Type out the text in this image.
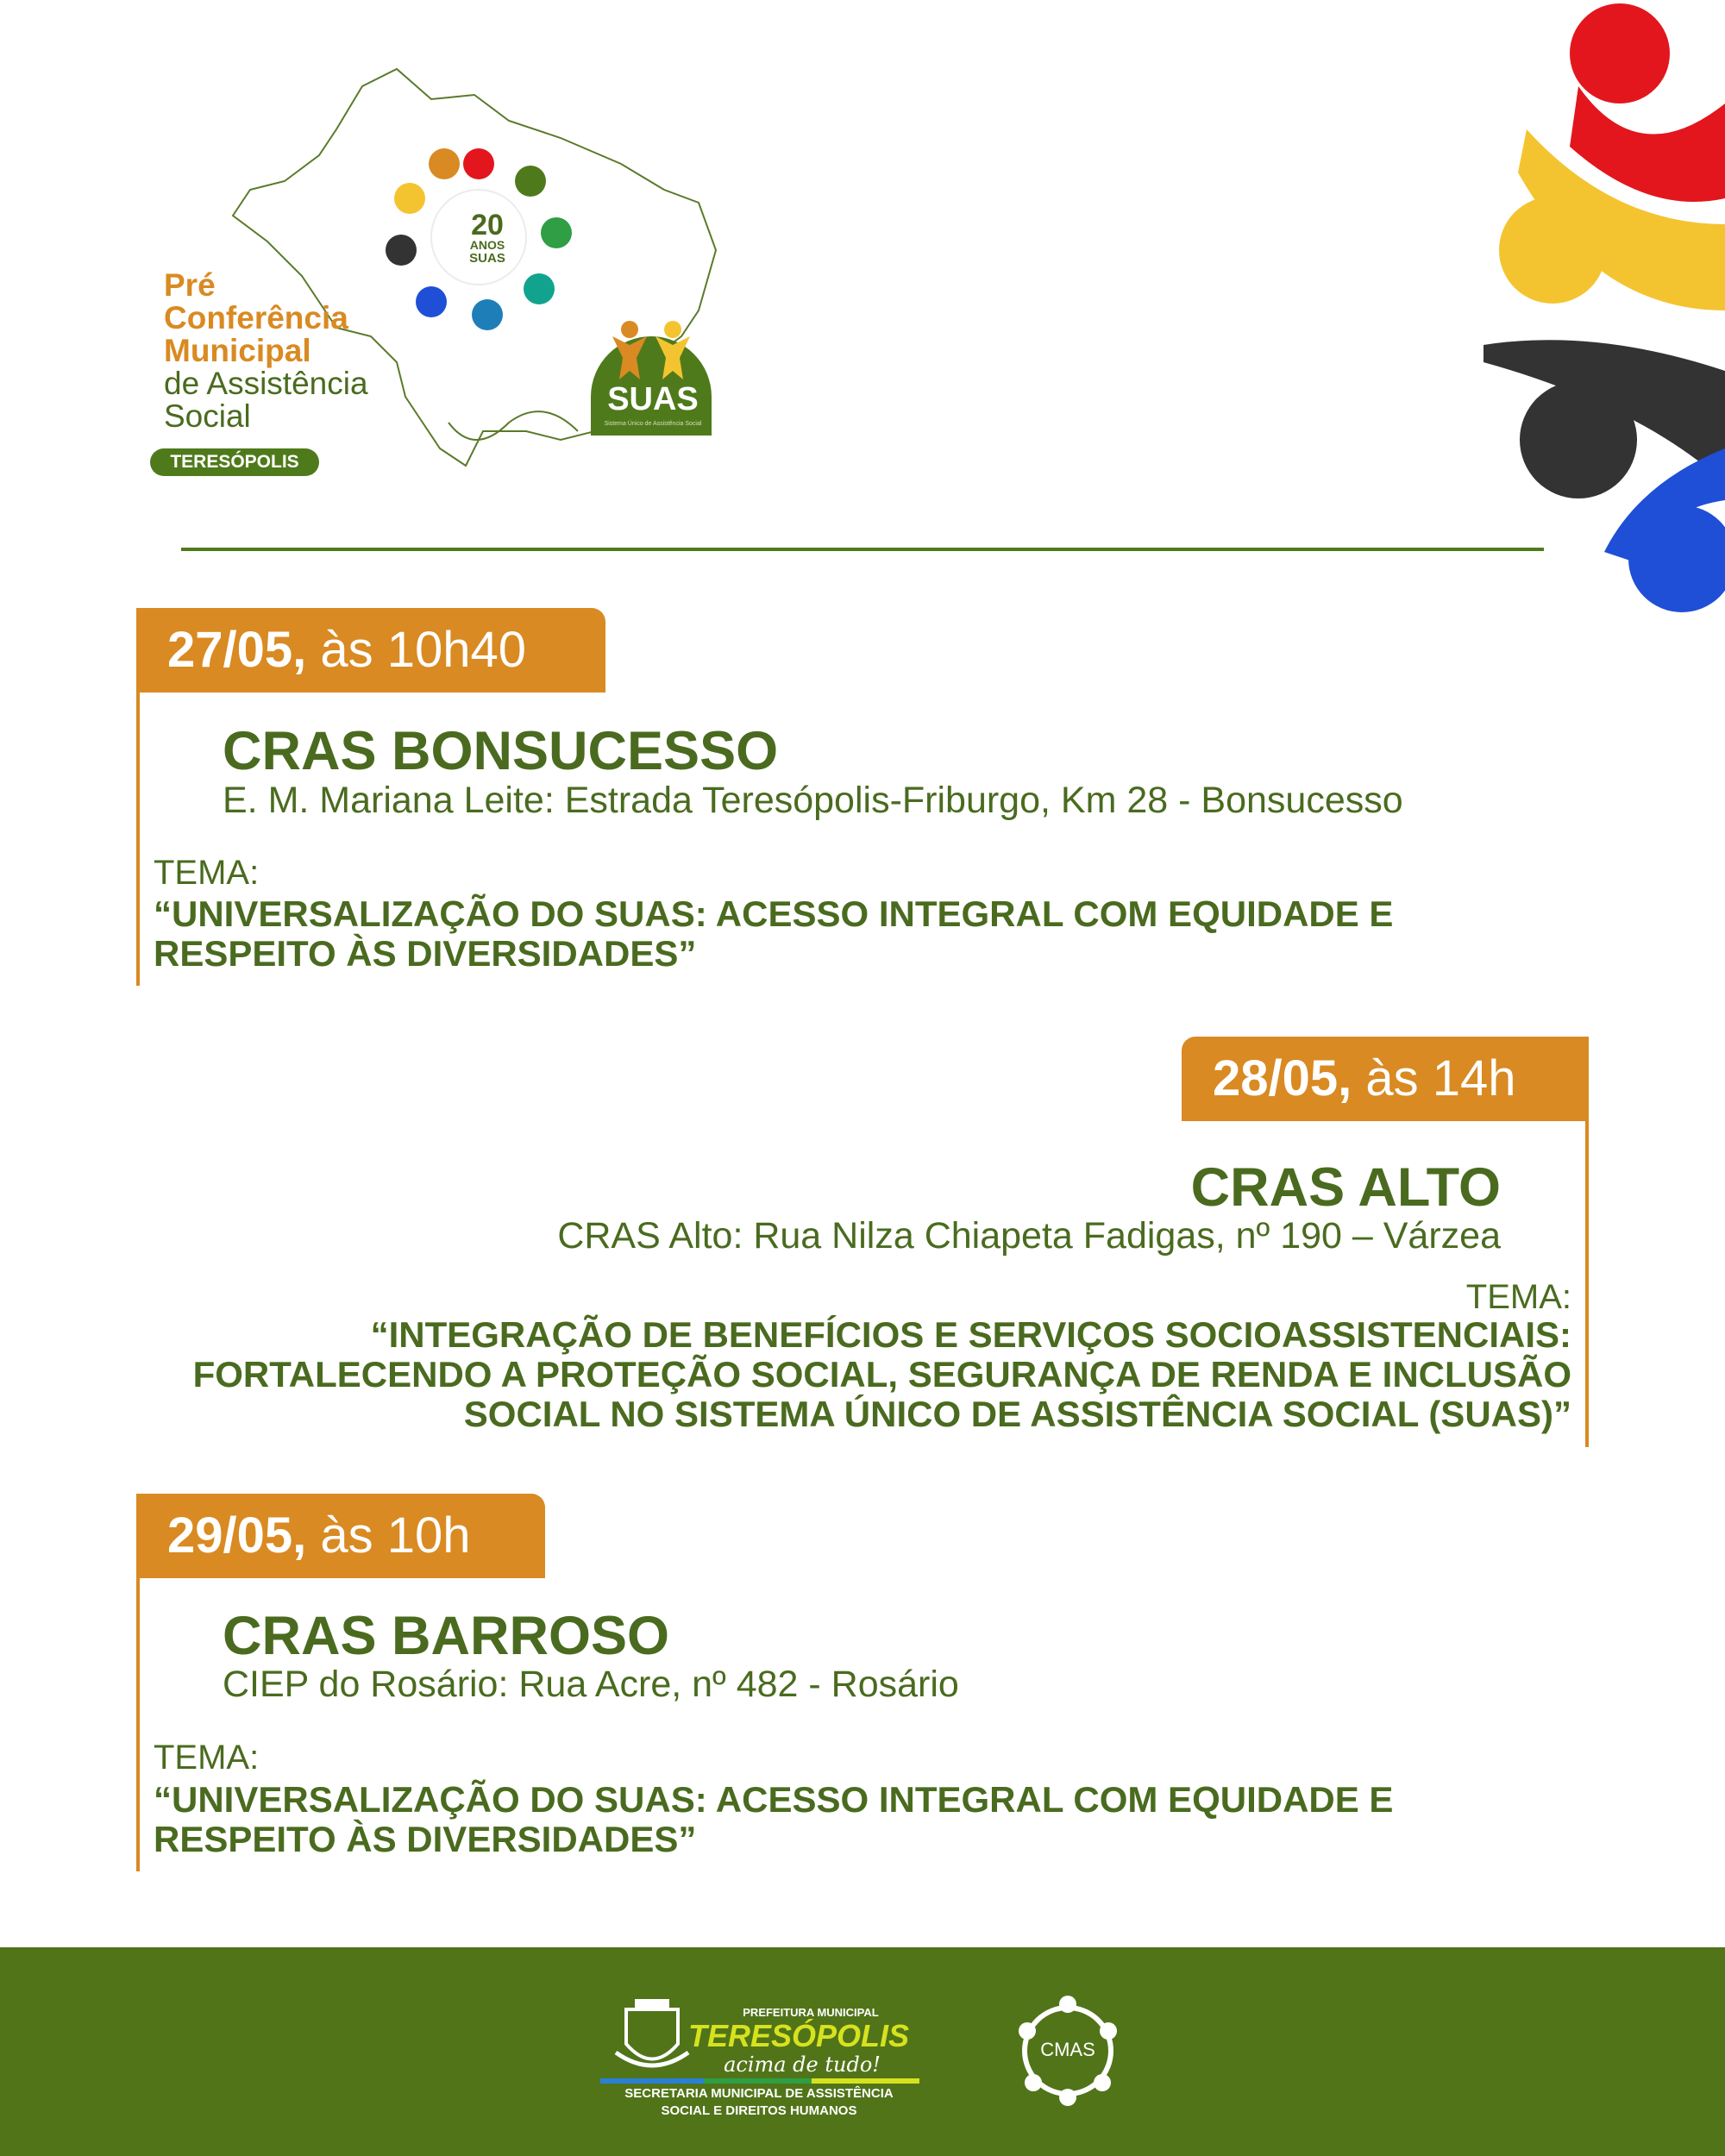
20
ANOS
SUAS
Pré
Conferência
Municipal
de Assistência
Social
TERESÓPOLIS
SUAS
Sistema Único de Assistência Social
27/05, às 10h40
CRAS BONSUCESSO
E. M. Mariana Leite: Estrada Teresópolis-Friburgo, Km 28 - Bonsucesso
TEMA:
“UNIVERSALIZAÇÃO DO SUAS: ACESSO INTEGRAL COM EQUIDADE E
RESPEITO ÀS DIVERSIDADES”
28/05, às 14h
CRAS ALTO
CRAS Alto: Rua Nilza Chiapeta Fadigas, nº 190 – Várzea
TEMA:
“INTEGRAÇÃO DE BENEFÍCIOS E SERVIÇOS SOCIOASSISTENCIAIS:
FORTALECENDO A PROTEÇÃO SOCIAL, SEGURANÇA DE RENDA E INCLUSÃO
SOCIAL NO SISTEMA ÚNICO DE ASSISTÊNCIA SOCIAL (SUAS)”
29/05, às 10h
CRAS BARROSO
CIEP do Rosário: Rua Acre, nº 482 - Rosário
TEMA:
“UNIVERSALIZAÇÃO DO SUAS: ACESSO INTEGRAL COM EQUIDADE E
RESPEITO ÀS DIVERSIDADES”
PREFEITURA MUNICIPAL
TERESÓPOLIS
acima de tudo!
SECRETARIA MUNICIPAL DE ASSISTÊNCIA
SOCIAL E DIREITOS HUMANOS
CMAS
